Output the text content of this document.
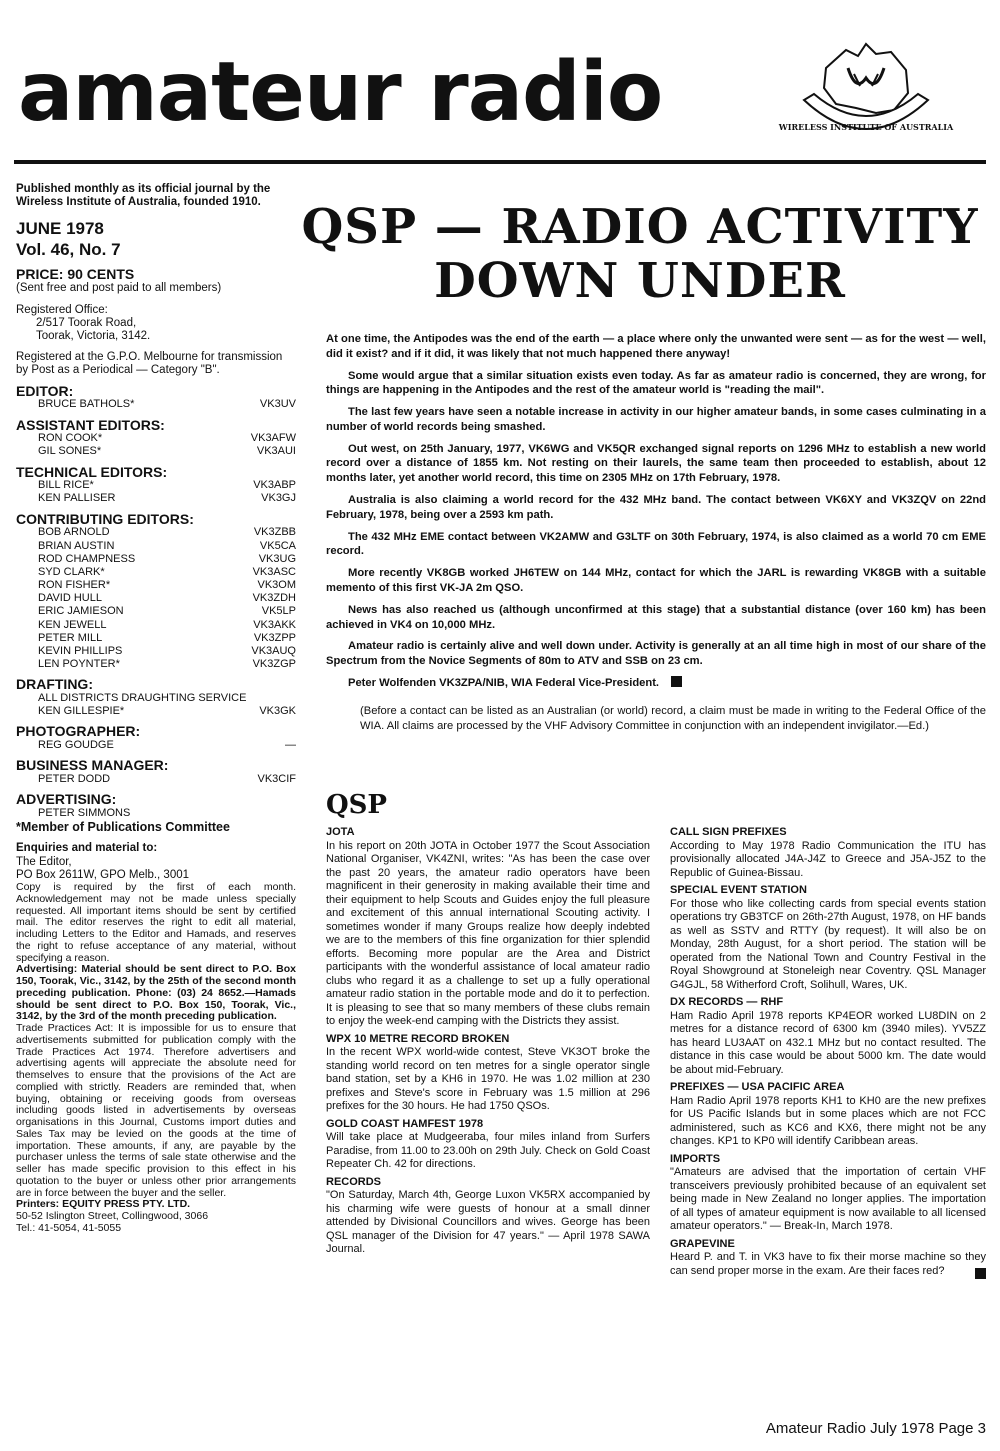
amateur radio	WIRELESS INSTITUTE OF AUSTRALIA

Published monthly as its official journal by the Wireless Institute of Australia, founded 1910.

JUNE 1978

Vol. 46, No. 7

PRICE: 90 CENTS

(Sent free and post paid to all members)

Registered Office:

2/517 Toorak Road,

Toorak, Victoria, 3142.

Registered at the G.P.O. Melbourne for transmission by Post as a Periodical — Category "B".

EDITOR:
BRUCE BATHOLS*	VK3UV
ASSISTANT EDITORS:
RON COOK*	VK3AFW
GIL SONES*	VK3AUI
TECHNICAL EDITORS:
BILL RICE*	VK3ABP
KEN PALLISER	VK3GJ
CONTRIBUTING EDITORS:
BOB ARNOLD	VK3ZBB
BRIAN AUSTIN	VK5CA
ROD CHAMPNESS	VK3UG
SYD CLARK*	VK3ASC
RON FISHER*	VK3OM
DAVID HULL	VK3ZDH
ERIC JAMIESON	VK5LP
KEN JEWELL	VK3AKK
PETER MILL	VK3ZPP
KEVIN PHILLIPS	VK3AUQ
LEN POYNTER*	VK3ZGP
DRAFTING:
ALL DISTRICTS DRAUGHTING SERVICE
KEN GILLESPIE*	VK3GK
PHOTOGRAPHER:
REG GOUDGE	—
BUSINESS MANAGER:
PETER DODD	VK3CIF
ADVERTISING:
PETER SIMMONS

*Member of Publications Committee

Enquiries and material to:

The Editor,

PO Box 2611W, GPO Melb., 3001

Copy is required by the first of each month. Acknowledgement may not be made unless specially requested. All important items should be sent by certified mail. The editor reserves the right to edit all material, including Letters to the Editor and Hamads, and reserves the right to refuse acceptance of any material, without specifying a reason.

Advertising: Material should be sent direct to P.O. Box 150, Toorak, Vic., 3142, by the 25th of the second month preceding publication. Phone: (03) 24 8652.—Hamads should be sent direct to P.O. Box 150, Toorak, Vic., 3142, by the 3rd of the month preceding publication.

Trade Practices Act: It is impossible for us to ensure that advertisements submitted for publication comply with the Trade Practices Act 1974. Therefore advertisers and advertising agents will appreciate the absolute need for themselves to ensure that the provisions of the Act are complied with strictly. Readers are reminded that, when buying, obtaining or receiving goods from overseas including goods listed in advertisements by overseas organisations in this Journal, Customs import duties and Sales Tax may be levied on the goods at the time of importation. These amounts, if any, are payable by the purchaser unless the terms of sale state otherwise and the seller has made specific provision to this effect in his quotation to the buyer or unless other prior arrangements are in force between the buyer and the seller.

Printers: EQUITY PRESS PTY. LTD.

50-52 Islington Street, Collingwood, 3066

Tel.: 41-5054, 41-5055

QSP — RADIO ACTIVITY
DOWN UNDER

At one time, the Antipodes was the end of the earth — a place where only the unwanted were sent — as for the west — well, did it exist? and if it did, it was likely that not much happened there anyway!

Some would argue that a similar situation exists even today. As far as amateur radio is concerned, they are wrong, for things are happening in the Antipodes and the rest of the amateur world is "reading the mail".

The last few years have seen a notable increase in activity in our higher amateur bands, in some cases culminating in a number of world records being smashed.

Out west, on 25th January, 1977, VK6WG and VK5QR exchanged signal reports on 1296 MHz to establish a new world record over a distance of 1855 km. Not resting on their laurels, the same team then proceeded to establish, about 12 months later, yet another world record, this time on 2305 MHz on 17th February, 1978.

Australia is also claiming a world record for the 432 MHz band. The contact between VK6XY and VK3ZQV on 22nd February, 1978, being over a 2593 km path.

The 432 MHz EME contact between VK2AMW and G3LTF on 30th February, 1974, is also claimed as a world 70 cm EME record.

More recently VK8GB worked JH6TEW on 144 MHz, contact for which the JARL is rewarding VK8GB with a suitable memento of this first VK-JA 2m QSO.

News has also reached us (although unconfirmed at this stage) that a substantial distance (over 160 km) has been achieved in VK4 on 10,000 MHz.

Amateur radio is certainly alive and well down under. Activity is generally at an all time high in most of our share of the Spectrum from the Novice Segments of 80m to ATV and SSB on 23 cm.

Peter Wolfenden VK3ZPA/NIB, WIA Federal Vice-President.

(Before a contact can be listed as an Australian (or world) record, a claim must be made in writing to the Federal Office of the WIA. All claims are processed by the VHF Advisory Committee in conjunction with an independent invigilator.—Ed.)
QSP
JOTA

In his report on 20th JOTA in October 1977 the Scout Association National Organiser, VK4ZNI, writes: "As has been the case over the past 20 years, the amateur radio operators have been magnificent in their generosity in making available their time and their equipment to help Scouts and Guides enjoy the full pleasure and excitement of this annual international Scouting activity. I sometimes wonder if many Groups realize how deeply indebted we are to the members of this fine organization for thier splendid efforts. Becoming more popular are the Area and District participants with the wonderful assistance of local amateur radio clubs who regard it as a challenge to set up a fully operational amateur radio station in the portable mode and do it to perfection. It is pleasing to see that so many members of these clubs remain to enjoy the week-end camping with the Districts they assist.

WPX 10 METRE RECORD BROKEN

In the recent WPX world-wide contest, Steve VK3OT broke the standing world record on ten metres for a single operator single band station, set by a KH6 in 1970. He was 1.02 million at 230 prefixes and Steve's score in February was 1.5 million at 296 prefixes for the 30 hours. He had 1750 QSOs.

GOLD COAST HAMFEST 1978

Will take place at Mudgeeraba, four miles inland from Surfers Paradise, from 11.00 to 23.00h on 29th July. Check on Gold Coast Repeater Ch. 42 for directions.

RECORDS

"On Saturday, March 4th, George Luxon VK5RX accompanied by his charming wife were guests of honour at a small dinner attended by Divisional Councillors and wives. George has been QSL manager of the Division for 47 years." — April 1978 SAWA Journal.

CALL SIGN PREFIXES

According to May 1978 Radio Communication the ITU has provisionally allocated J4A-J4Z to Greece and J5A-J5Z to the Republic of Guinea-Bissau.

SPECIAL EVENT STATION

For those who like collecting cards from special events station operations try GB3TCF on 26th-27th August, 1978, on HF bands as well as SSTV and RTTY (by request). It will also be on Monday, 28th August, for a short period. The station will be operated from the National Town and Country Festival in the Royal Showground at Stoneleigh near Coventry. QSL Manager G4GJL, 58 Witherford Croft, Solihull, Wares, UK.

DX RECORDS — RHF

Ham Radio April 1978 reports KP4EOR worked LU8DIN on 2 metres for a distance record of 6300 km (3940 miles). YV5ZZ has heard LU3AAT on 432.1 MHz but no contact resulted. The distance in this case would be about 5000 km. The date would be about mid-February.

PREFIXES — USA PACIFIC AREA

Ham Radio April 1978 reports KH1 to KH0 are the new prefixes for US Pacific Islands but in some places which are not FCC administered, such as KC6 and KX6, there might not be any changes. KP1 to KP0 will identify Caribbean areas.

IMPORTS

"Amateurs are advised that the importation of certain VHF transceivers previously prohibited because of an equivalent set being made in New Zealand no longer applies. The importation of all types of amateur equipment is now available to all licensed amateur operators." — Break-In, March 1978.

GRAPEVINE

Heard P. and T. in VK3 have to fix their morse machine so they can send proper morse in the exam. Are their faces red?

Amateur Radio July 1978 Page 3
